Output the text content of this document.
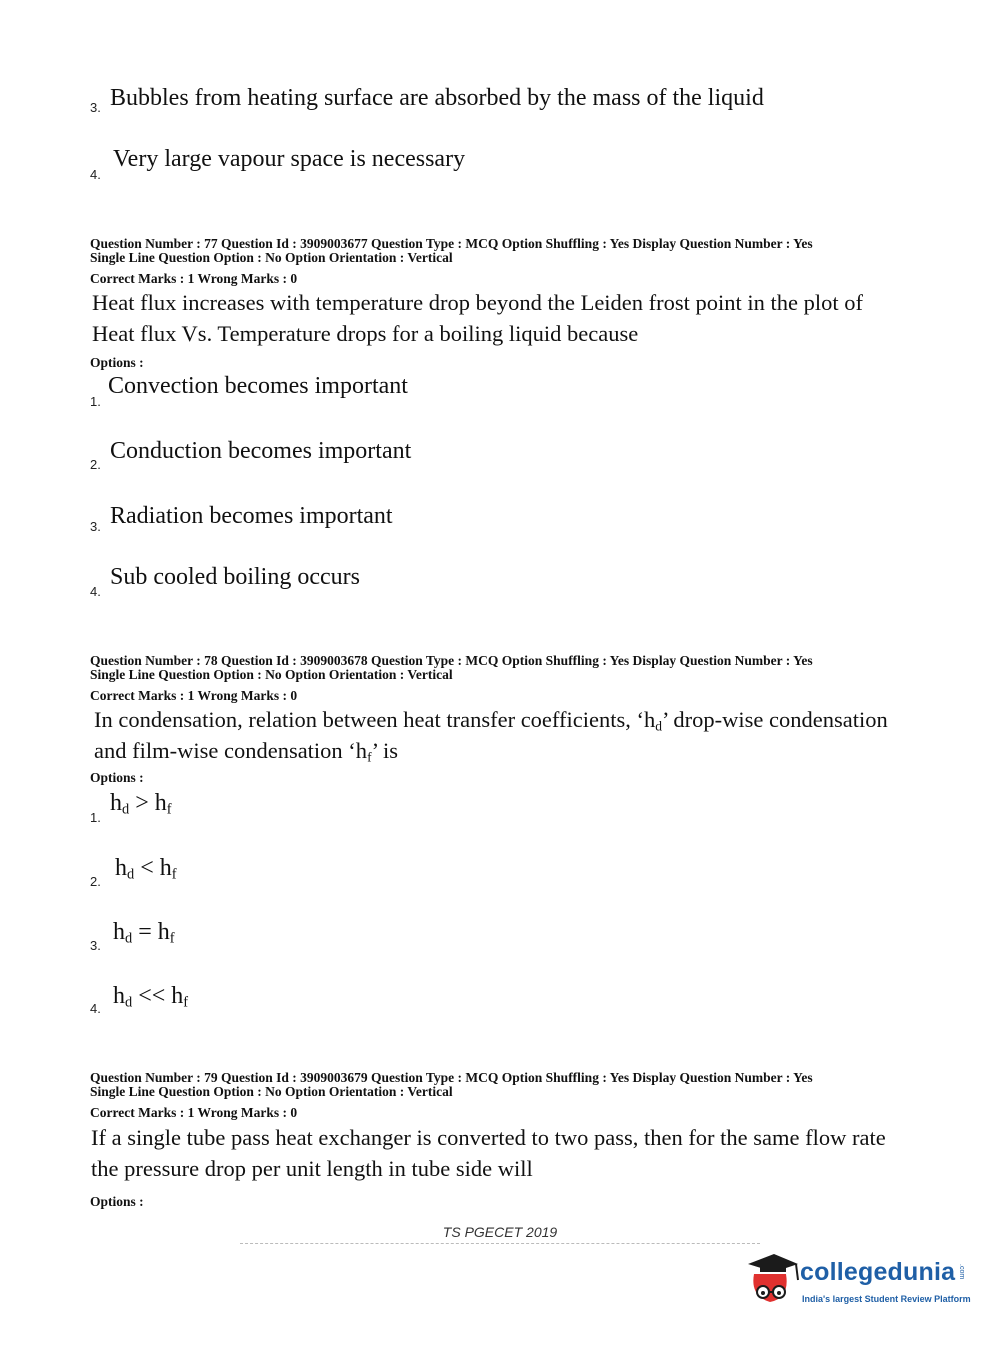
3. Bubbles from heating surface are absorbed by the mass of the liquid
4.
Very large vapour space is necessary
Question Number : 77 Question Id : 3909003677 Question Type : MCQ Option Shuffling : Yes Display Question Number : Yes
Single Line Question Option : No Option Orientation : Vertical
Correct Marks : 1 Wrong Marks : 0
Heat flux increases with temperature drop beyond the Leiden frost point in the plot of
Heat flux Vs. Temperature drops for a boiling liquid because
Options :
1.
Convection becomes important
2.
Conduction becomes important
3. Radiation becomes important
4.
Sub cooled boiling occurs
Question Number : 78 Question Id : 3909003678 Question Type : MCQ Option Shuffling : Yes Display Question Number : Yes
Single Line Question Option : No Option Orientation : Vertical
Correct Marks : 1 Wrong Marks : 0
In condensation, relation between heat transfer coefficients, ‘$h_d$’ drop-wise condensation
and film-wise condensation ‘$h_f$’ is
Options :
1.
$h_d > h_f$
2.
$h_d < h_f$
3.
$h_d = h_f$
4. $h_d << h_f$
Question Number : 79 Question Id : 3909003679 Question Type : MCQ Option Shuffling : Yes Display Question Number : Yes
Single Line Question Option : No Option Orientation : Vertical
Correct Marks : 1 Wrong Marks : 0
If a single tube pass heat exchanger is converted to two pass, then for the same flow rate
the pressure drop per unit length in tube side will
Options :
TS PGECET 2019
collegedunia .com
India's largest Student Review Platform
